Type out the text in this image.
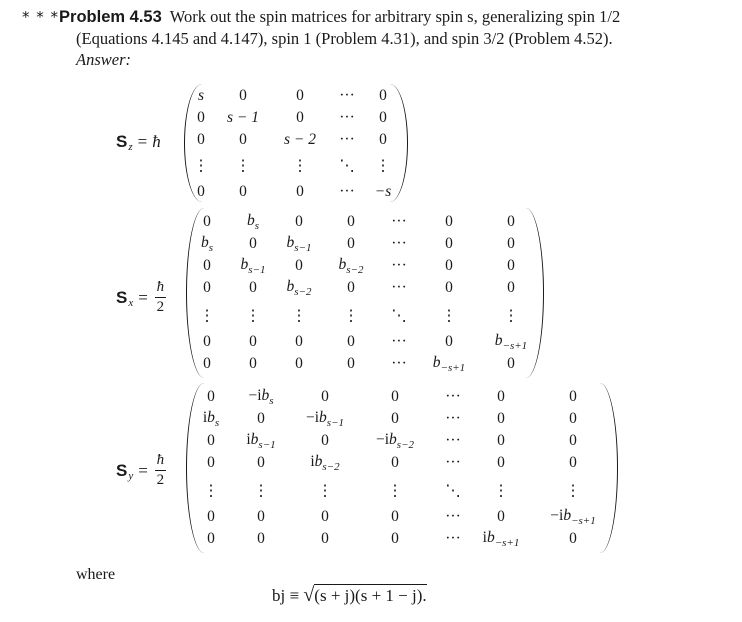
* * *Problem 4.53 Work out the spin matrices for arbitrary spin s, generalizing spin 1/2
(Equations 4.145 and 4.147), spin 1 (Problem 4.31), and spin 3/2 (Problem 4.52).
Answer:
S z = ħ
s 0	0 ··· 0
0 s − 1 0 ··· 0
0 0 s − 2 ··· 0
⋮ ⋮	⋮ ⋱ ⋮
0 0	0 ··· −s
S $x = \frac{ħ}{2}$
0 $b_s$ 0	0 ··· 0	0
$b_s$ 0 $b_{s-1}$ 0 ··· 0	0
0 $b_{s-1}$ 0 $b_{s-2}$ ··· 0	0
0 0 $b_{s-2}$ 0 ··· 0	0
⋮ ⋮ ⋮ ⋮ ⋱ ⋮	⋮
0 0 0	0 ··· 0	$b_{-s+1}$
0 0 0	0 ··· $b_{-s+1}$	0
S $y = \frac{ħ}{2}$
$0 -ib_s$	0	0	··· 0	0
$ib_s$ 0	$-ib_{s-1}$	0	··· 0	0
0 $ib_{s-1}$	0	$-ib_{s-2}$ ··· 0	0
0	0	$ib_{s-2}$	0	··· 0	0
⋮ ⋮	⋮	⋮	⋱ ⋮	⋮
0	0	0	0	··· 0	$-ib_{-s+1}$
0	0	0	0	··· $ib_{-s+1}$	0
where
bj ≡ √(s + j)(s + 1 − j).
